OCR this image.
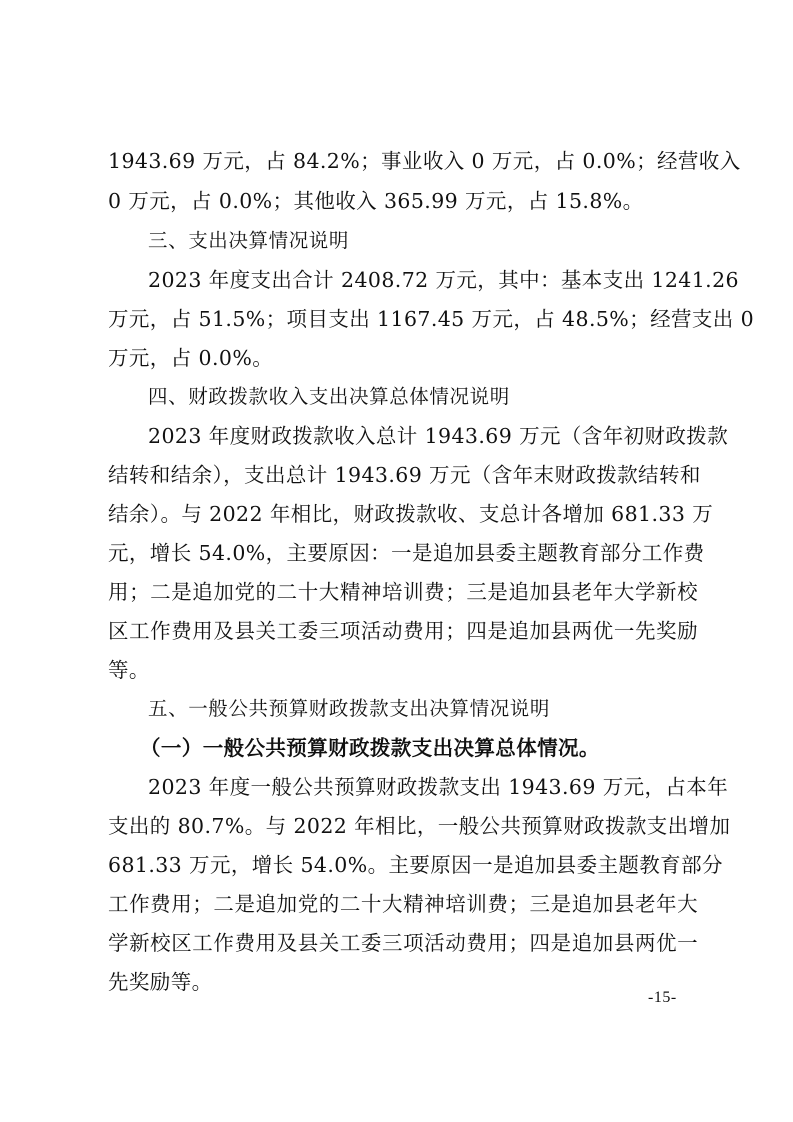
1943.69 万元，占 84.2%；事业收入 0 万元，占 0.0%；经营收入
0 万元，占 0.0%；其他收入 365.99 万元，占 15.8%。
三、支出决算情况说明
2023 年度支出合计 2408.72 万元，其中：基本支出 1241.26
万元，占 51.5%；项目支出 1167.45 万元，占 48.5%；经营支出 0
万元，占 0.0%。
四、财政拨款收入支出决算总体情况说明
2023 年度财政拨款收入总计 1943.69 万元（含年初财政拨款
结转和结余），支出总计 1943.69 万元（含年末财政拨款结转和
结余）。与 2022 年相比，财政拨款收、支总计各增加 681.33 万
元，增长 54.0%，主要原因：一是追加县委主题教育部分工作费
用；二是追加党的二十大精神培训费；三是追加县老年大学新校
区工作费用及县关工委三项活动费用；四是追加县两优一先奖励
等。
五、一般公共预算财政拨款支出决算情况说明
（一）一般公共预算财政拨款支出决算总体情况。
2023 年度一般公共预算财政拨款支出 1943.69 万元，占本年
支出的 80.7%。与 2022 年相比，一般公共预算财政拨款支出增加
681.33 万元，增长 54.0%。主要原因一是追加县委主题教育部分
工作费用；二是追加党的二十大精神培训费；三是追加县老年大
学新校区工作费用及县关工委三项活动费用；四是追加县两优一
先奖励等。
-15-
